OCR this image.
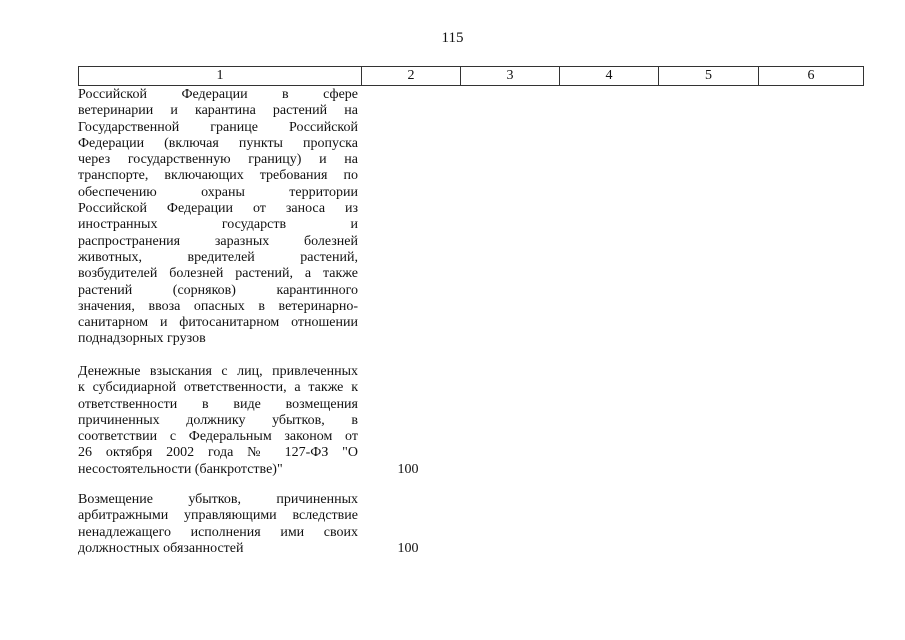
115
1	2	3	4	5	6
Российской Федерации в сфере
ветеринарии и карантина растений на
Государственной границе Российской
Федерации (включая пункты пропуска
через государственную границу) и на
транспорте, включающих требования по
обеспечению охраны территории
Российской Федерации от заноса из
иностранных государств и
распространения заразных болезней
животных, вредителей растений,
возбудителей болезней растений, а также
растений (сорняков) карантинного
значения, ввоза опасных в ветеринарно-
санитарном и фитосанитарном отношении
поднадзорных грузов
Денежные взыскания с лиц, привлеченных
к субсидиарной ответственности, а также к
ответственности в виде возмещения
причиненных должнику убытков, в
соответствии с Федеральным законом от
26 октября 2002 года № 127-ФЗ "О
несостоятельности (банкротстве)"	100
Возмещение убытков, причиненных
арбитражными управляющими вследствие
ненадлежащего исполнения ими своих
должностных обязанностей	100
